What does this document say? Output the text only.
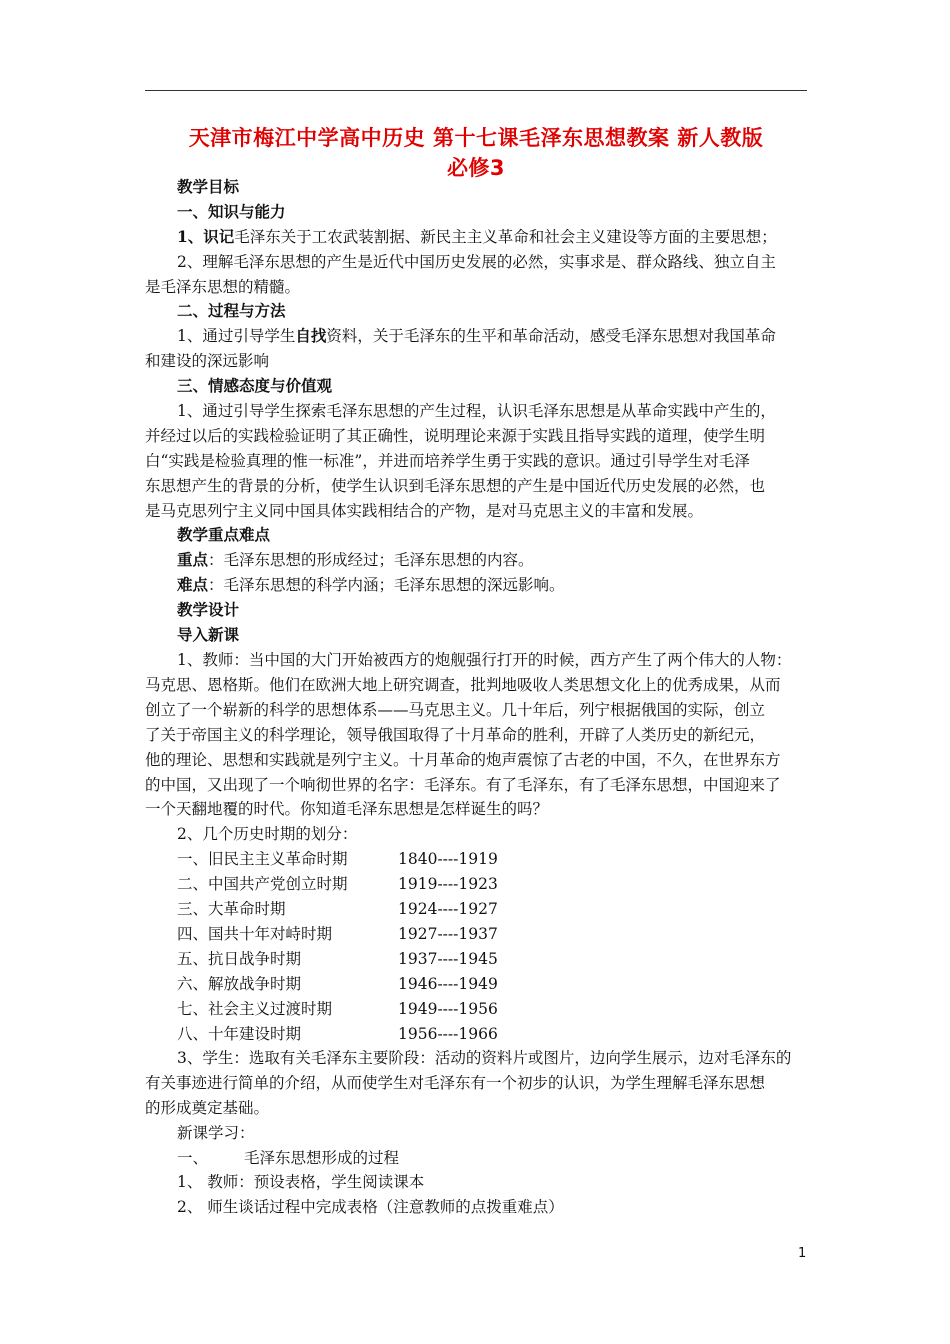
天津市梅江中学高中历史 第十七课毛泽东思想教案 新人教版
必修3
教学目标
一、知识与能力
1、识记毛泽东关于工农武装割据、新民主主义革命和社会主义建设等方面的主要思想；
2、理解毛泽东思想的产生是近代中国历史发展的必然，实事求是、群众路线、独立自主
是毛泽东思想的精髓。
二、过程与方法
1、通过引导学生自找资料，关于毛泽东的生平和革命活动，感受毛泽东思想对我国革命
和建设的深远影响
三、情感态度与价值观
1、通过引导学生探索毛泽东思想的产生过程，认识毛泽东思想是从革命实践中产生的，
并经过以后的实践检验证明了其正确性，说明理论来源于实践且指导实践的道理，使学生明
白“实践是检验真理的惟一标准”，并进而培养学生勇于实践的意识。通过引导学生对毛泽
东思想产生的背景的分析，使学生认识到毛泽东思想的产生是中国近代历史发展的必然，也
是马克思列宁主义同中国具体实践相结合的产物，是对马克思主义的丰富和发展。
教学重点难点
重点：毛泽东思想的形成经过；毛泽东思想的内容。
难点：毛泽东思想的科学内涵；毛泽东思想的深远影响。
教学设计
导入新课
1、教师：当中国的大门开始被西方的炮舰强行打开的时候，西方产生了两个伟大的人物：
马克思、恩格斯。他们在欧洲大地上研究调查，批判地吸收人类思想文化上的优秀成果，从而
创立了一个崭新的科学的思想体系——马克思主义。几十年后，列宁根据俄国的实际，创立
了关于帝国主义的科学理论，领导俄国取得了十月革命的胜利，开辟了人类历史的新纪元，
他的理论、思想和实践就是列宁主义。十月革命的炮声震惊了古老的中国，不久，在世界东方
的中国，又出现了一个响彻世界的名字：毛泽东。有了毛泽东，有了毛泽东思想，中国迎来了
一个天翻地覆的时代。你知道毛泽东思想是怎样诞生的吗？
2、几个历史时期的划分：
一、旧民主主义革命时期	1840----1919
二、中国共产党创立时期	1919----1923
三、大革命时期	1924----1927
四、国共十年对峙时期	1927----1937
五、抗日战争时期	1937----1945
六、解放战争时期	1946----1949
七、社会主义过渡时期	1949----1956
八、十年建设时期	1956----1966
3、学生：选取有关毛泽东主要阶段：活动的资料片或图片，边向学生展示，边对毛泽东的
有关事迹进行简单的介绍，从而使学生对毛泽东有一个初步的认识，为学生理解毛泽东思想
的形成奠定基础。
新课学习：
一、	毛泽东思想形成的过程
1、 教师：预设表格，学生阅读课本
2、 师生谈话过程中完成表格（注意教师的点拨重难点）
1
